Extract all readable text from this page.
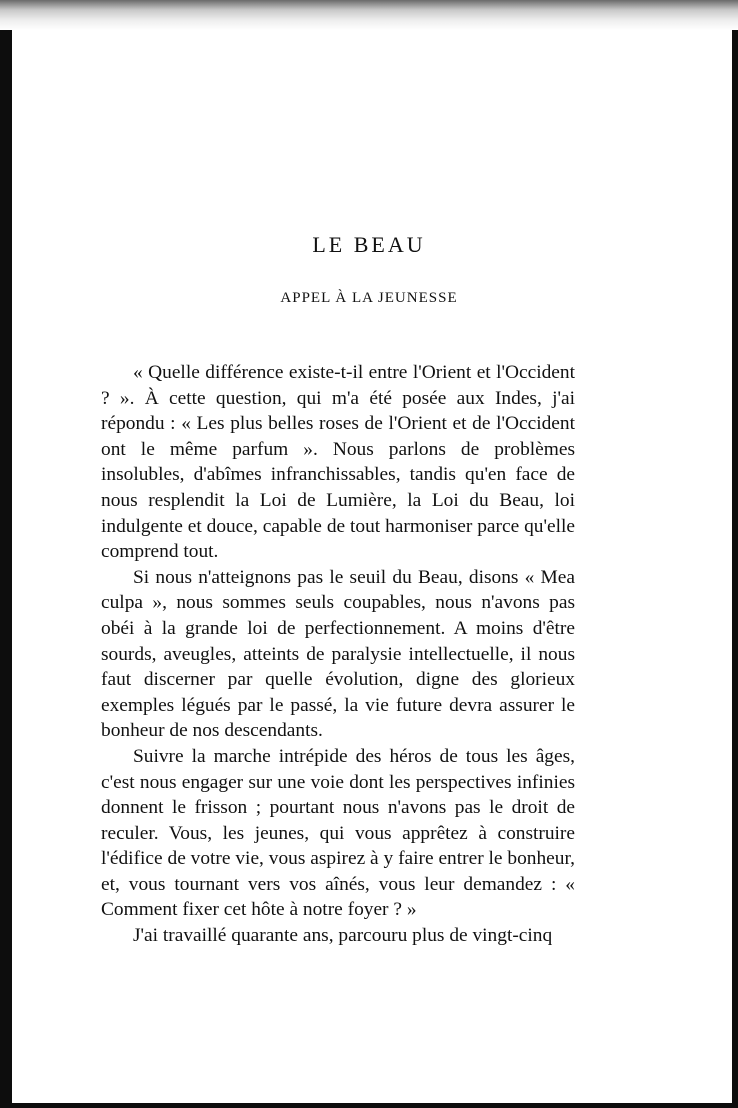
LE BEAU
APPEL À LA JEUNESSE

« Quelle différence existe-t-il entre l'Orient et l'Occident ? ». À cette question, qui m'a été posée aux Indes, j'ai répondu : « Les plus belles roses de l'Orient et de l'Occident ont le même parfum ». Nous parlons de problèmes insolubles, d'abîmes infranchissables, tandis qu'en face de nous resplendit la Loi de Lumière, la Loi du Beau, loi indulgente et douce, capable de tout harmoniser parce qu'elle comprend tout.

Si nous n'atteignons pas le seuil du Beau, disons « Mea culpa », nous sommes seuls coupables, nous n'avons pas obéi à la grande loi de perfectionnement. A moins d'être sourds, aveugles, atteints de paralysie intellectuelle, il nous faut discerner par quelle évolution, digne des glorieux exemples légués par le passé, la vie future devra assurer le bonheur de nos descendants.

Suivre la marche intrépide des héros de tous les âges, c'est nous engager sur une voie dont les perspectives infinies donnent le frisson ; pourtant nous n'avons pas le droit de reculer. Vous, les jeunes, qui vous apprêtez à construire l'édifice de votre vie, vous aspirez à y faire entrer le bonheur, et, vous tournant vers vos aînés, vous leur demandez : « Comment fixer cet hôte à notre foyer ? »

J'ai travaillé quarante ans, parcouru plus de vingt-cinq
